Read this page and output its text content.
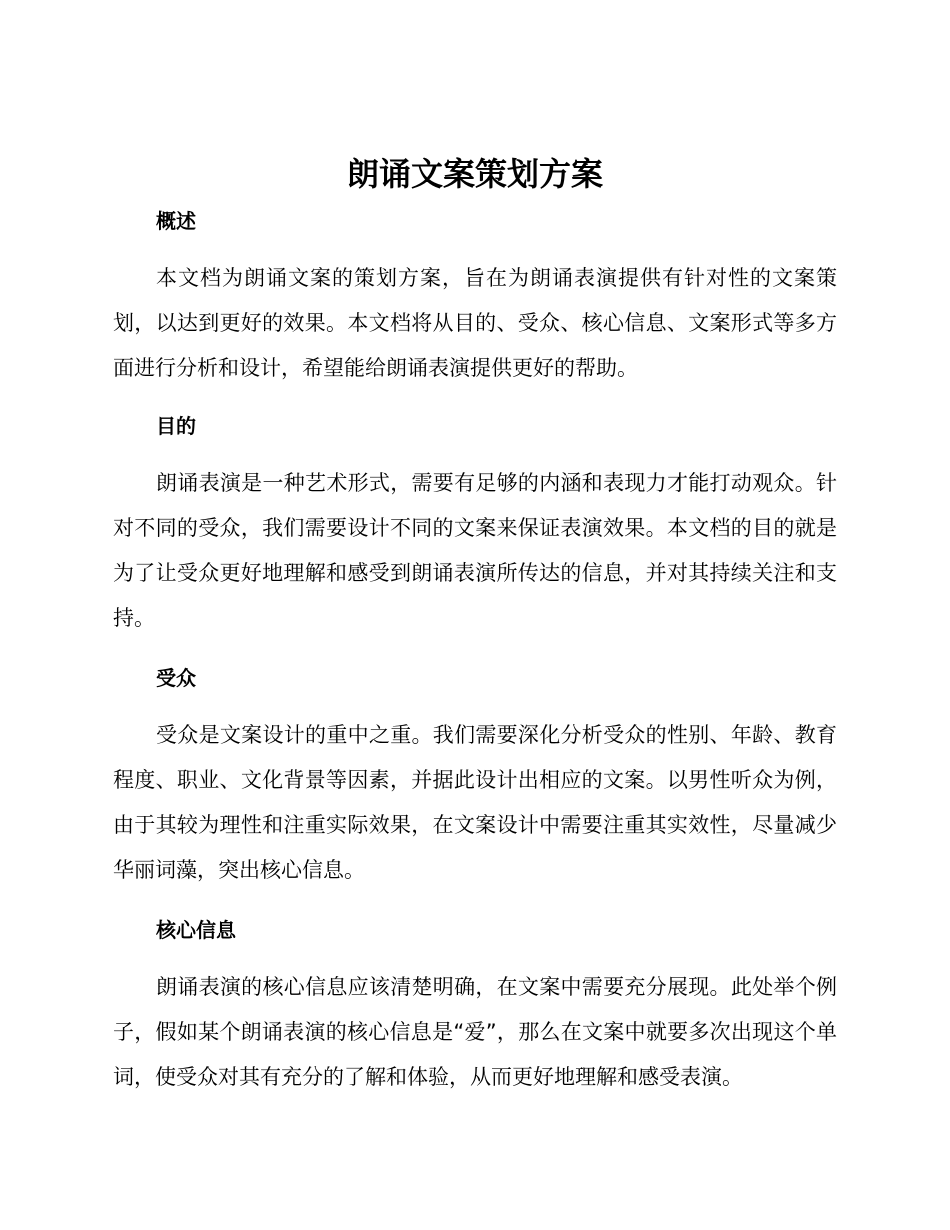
朗诵文案策划方案
概述

本文档为朗诵文案的策划方案，旨在为朗诵表演提供有针对性的文案策划，以达到更好的效果。本文档将从目的、受众、核心信息、文案形式等多方面进行分析和设计，希望能给朗诵表演提供更好的帮助。

目的

朗诵表演是一种艺术形式，需要有足够的内涵和表现力才能打动观众。针对不同的受众，我们需要设计不同的文案来保证表演效果。本文档的目的就是为了让受众更好地理解和感受到朗诵表演所传达的信息，并对其持续关注和支持。

受众

受众是文案设计的重中之重。我们需要深化分析受众的性别、年龄、教育程度、职业、文化背景等因素，并据此设计出相应的文案。以男性听众为例，由于其较为理性和注重实际效果，在文案设计中需要注重其实效性，尽量减少华丽词藻，突出核心信息。

核心信息

朗诵表演的核心信息应该清楚明确，在文案中需要充分展现。此处举个例子，假如某个朗诵表演的核心信息是“爱”，那么在文案中就要多次出现这个单词，使受众对其有充分的了解和体验，从而更好地理解和感受表演。
